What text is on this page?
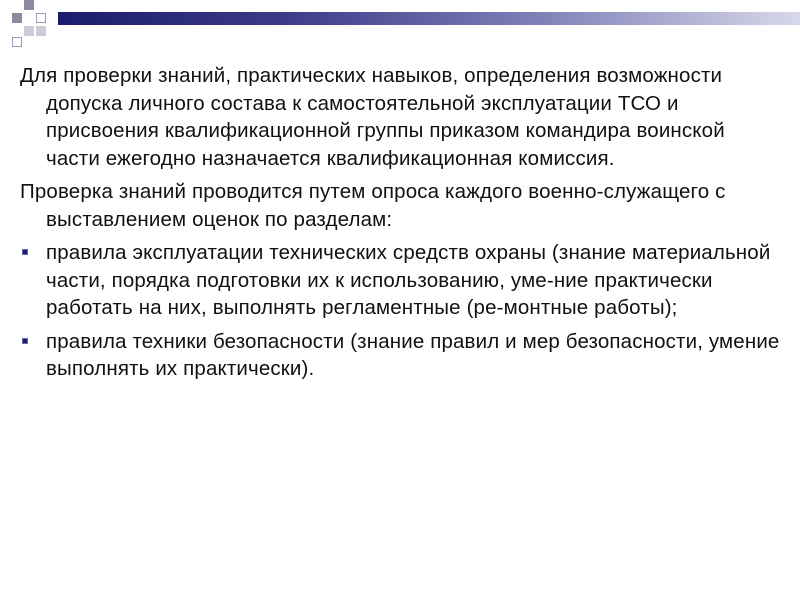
Для проверки знаний, практических навыков, определения возможности допуска личного состава к самостоятельной эксплуатации ТСО и присвоения квалификационной группы приказом командира воинской части ежегодно назначается квалификационная комиссия.

Проверка знаний проводится путем опроса каждого военно-служащего с выставлением оценок по разделам:

правила эксплуатации технических средств охраны (знание материальной части, порядка подготовки их к использованию, уме-ние практически работать на них, выполнять регламентные (ре-монтные работы);
правила техники безопасности (знание правил и мер безопасности, умение выполнять их практически).
